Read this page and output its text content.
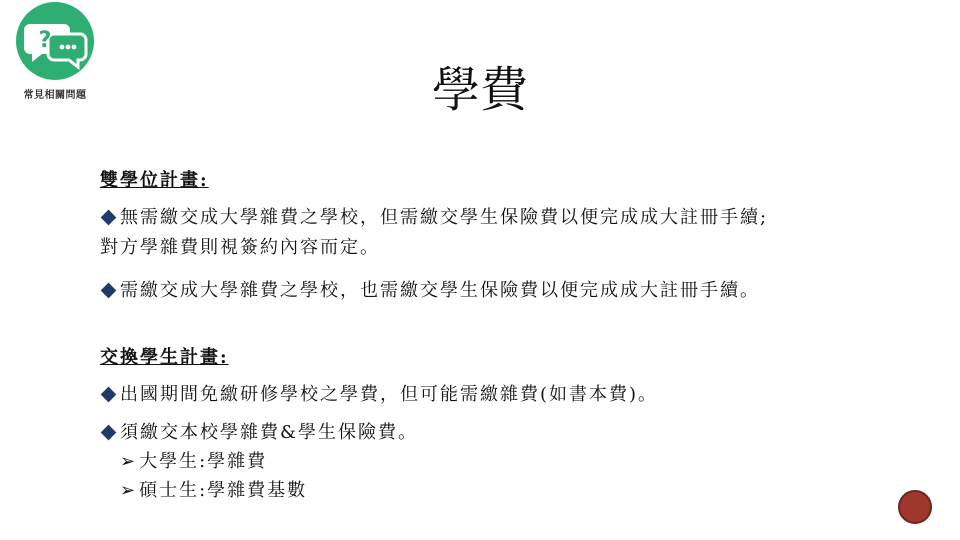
?
常見相關問題	學費
雙學位計畫:
無需繳交成大學雜費之學校，但需繳交學生保險費以便完成成大註冊手續;
對方學雜費則視簽約內容而定。
需繳交成大學雜費之學校，也需繳交學生保險費以便完成成大註冊手續。
交換學生計畫:
出國期間免繳研修學校之學費，但可能需繳雜費(如書本費)。
須繳交本校學雜費&學生保險費。
➢ 大學生:學雜費
➢ 碩士生:學雜費基數
